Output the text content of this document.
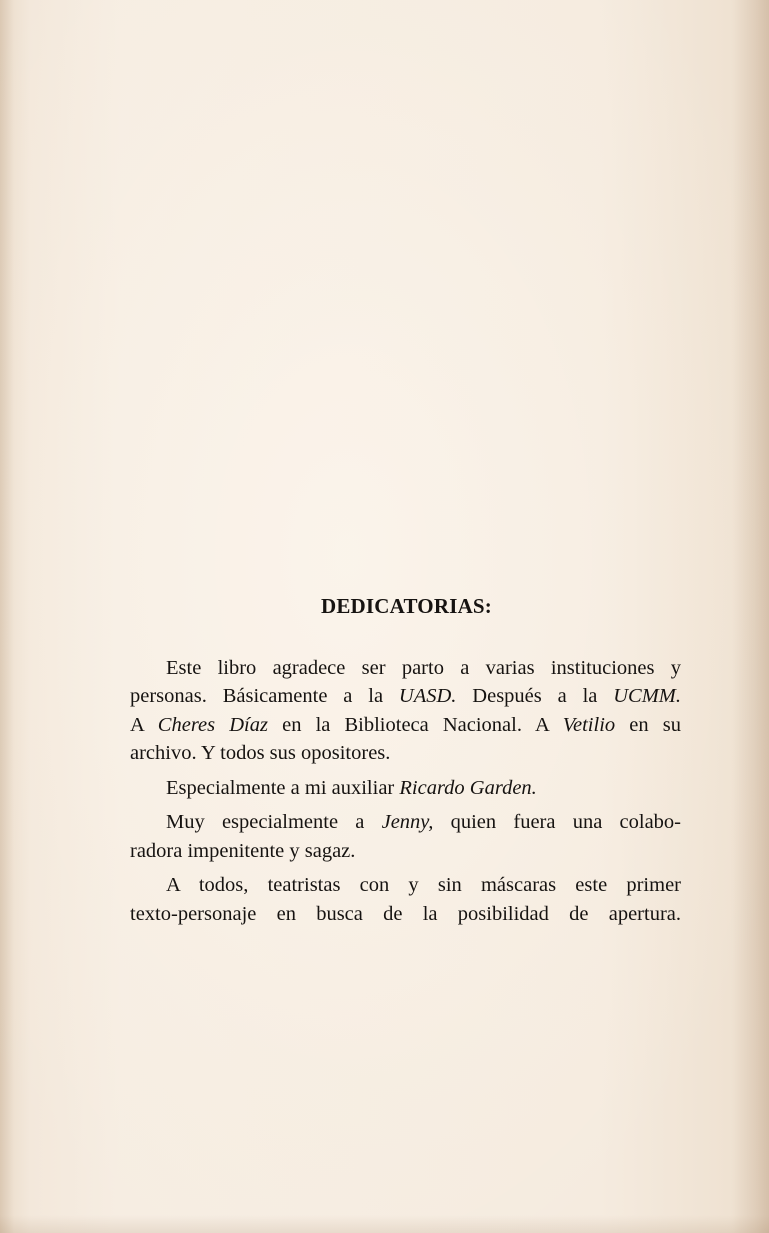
DEDICATORIAS:
Este libro agradece ser parto a varias instituciones y
personas. Básicamente a la UASD. Después a la UCMM.
A Cheres Díaz en la Biblioteca Nacional. A Vetilio en su
archivo. Y todos sus opositores.
Especialmente a mi auxiliar Ricardo Garden.
Muy especialmente a Jenny, quien fuera una colabo-
radora impenitente y sagaz.
A todos, teatristas con y sin máscaras este primer
texto-personaje en busca de la posibilidad de apertura.
